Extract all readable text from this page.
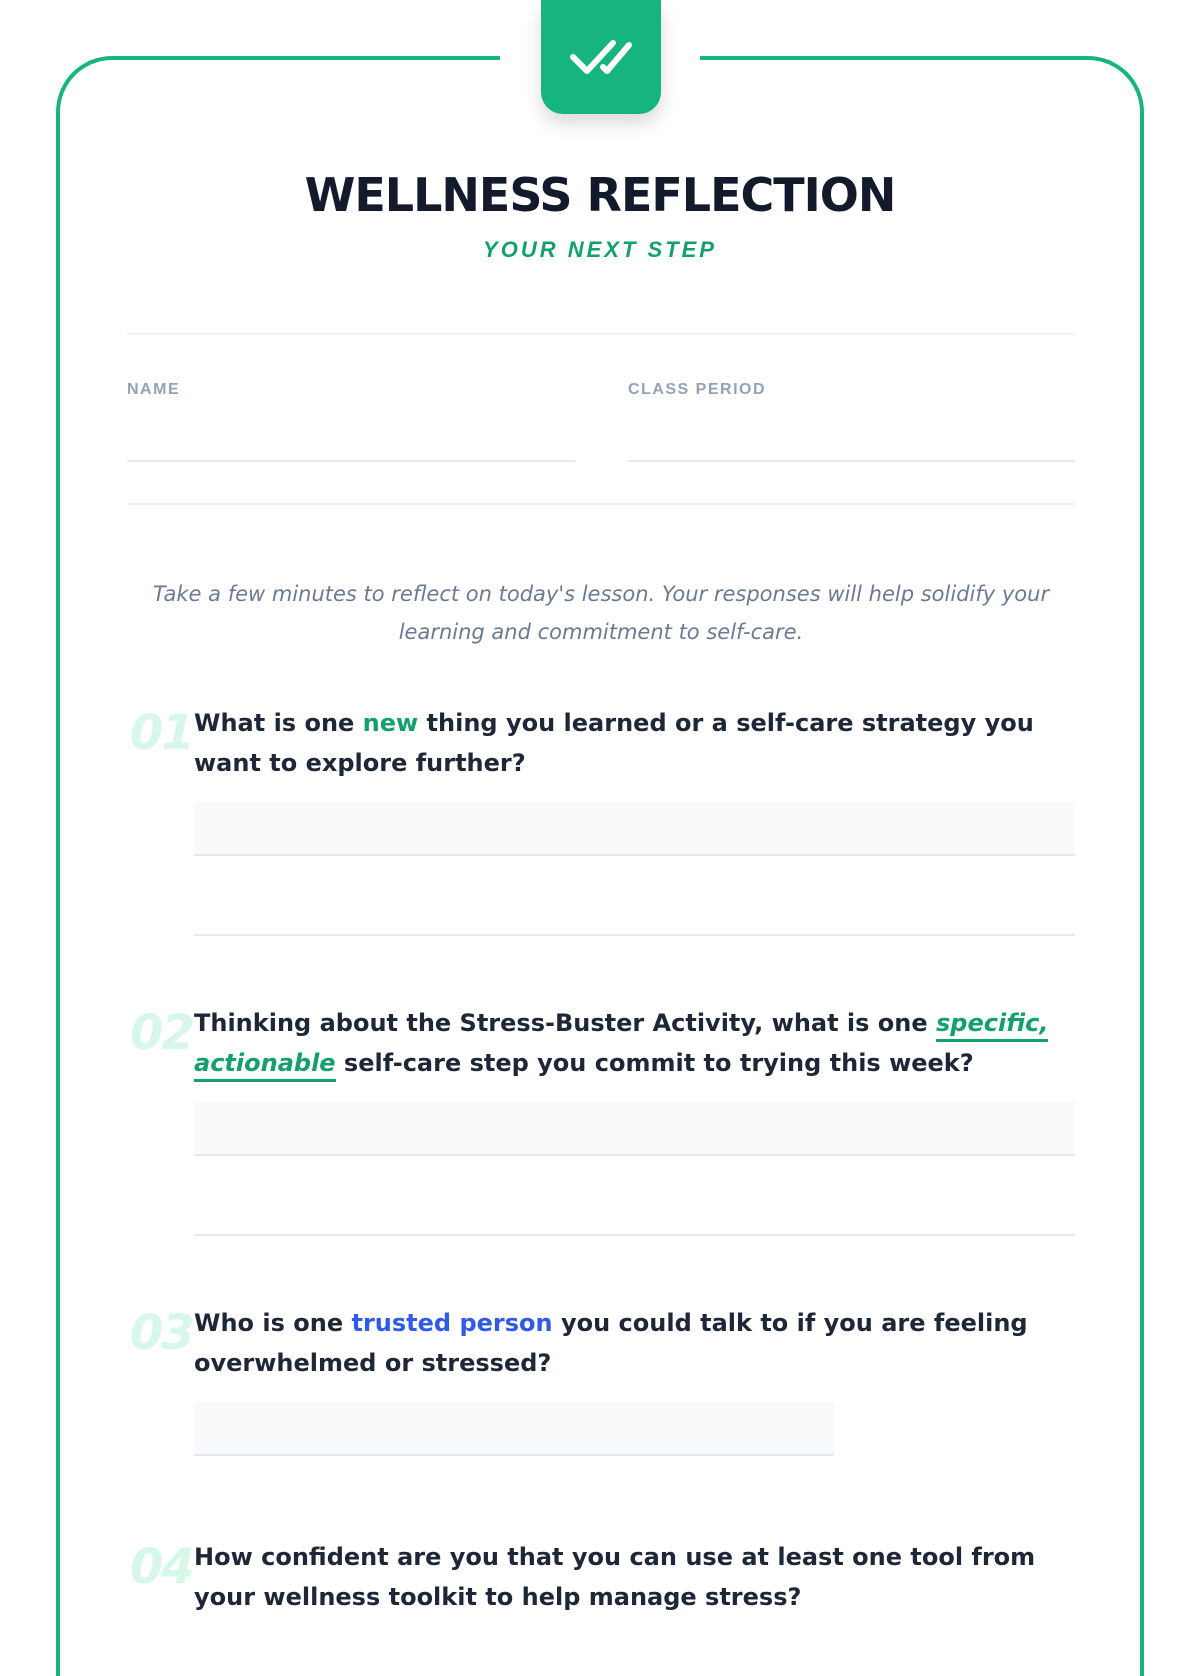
WELLNESS REFLECTION
YOUR NEXT STEP
NAME	CLASS PERIOD
Take a few minutes to reflect on today's lesson. Your responses will help solidify your learning and commitment to self-care.
01 What is one new thing you learned or a self-care strategy you want to explore further?
02 Thinking about the Stress-Buster Activity, what is one specific, actionable self-care step you commit to trying this week?
03 Who is one trusted person you could talk to if you are feeling overwhelmed or stressed?
04 How confident are you that you can use at least one tool from your wellness toolkit to help manage stress?
